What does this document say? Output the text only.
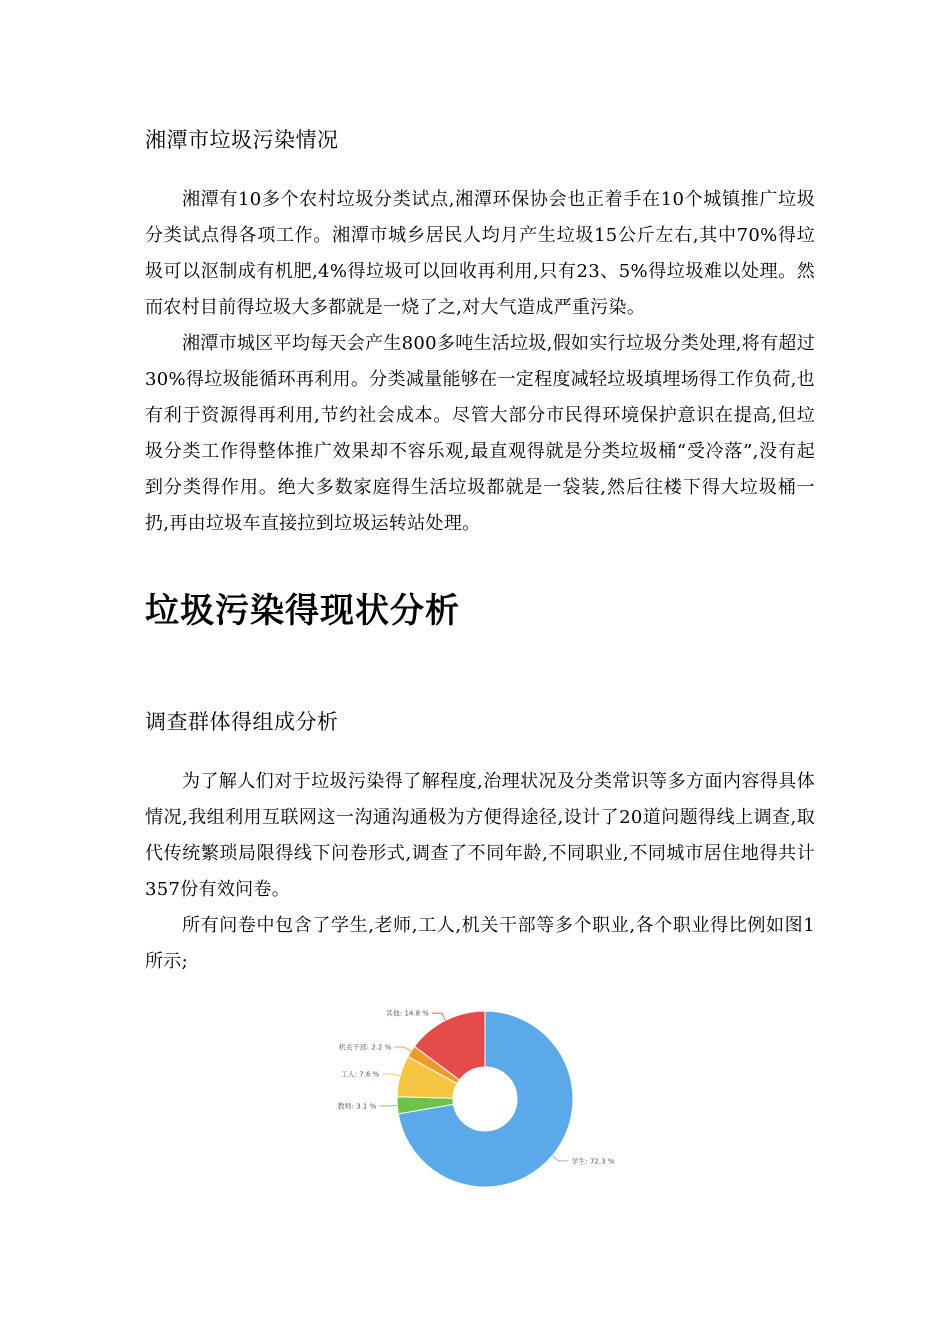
湘潭市垃圾污染情况

湘潭有10多个农村垃圾分类试点,湘潭环保协会也正着手在10个城镇推广垃圾分类试点得各项工作。湘潭市城乡居民人均月产生垃圾15公斤左右,其中70%得垃圾可以沤制成有机肥,4%得垃圾可以回收再利用,只有23、5%得垃圾难以处理。然而农村目前得垃圾大多都就是一烧了之,对大气造成严重污染。

湘潭市城区平均每天会产生800多吨生活垃圾,假如实行垃圾分类处理,将有超过30%得垃圾能循环再利用。分类减量能够在一定程度减轻垃圾填埋场得工作负荷,也有利于资源得再利用,节约社会成本。尽管大部分市民得环境保护意识在提高,但垃圾分类工作得整体推广效果却不容乐观,最直观得就是分类垃圾桶“受冷落”,没有起到分类得作用。绝大多数家庭得生活垃圾都就是一袋装,然后往楼下得大垃圾桶一扔,再由垃圾车直接拉到垃圾运转站处理。

垃圾污染得现状分析
调查群体得组成分析

为了解人们对于垃圾污染得了解程度,治理状况及分类常识等多方面内容得具体情况,我组利用互联网这一沟通沟通极为方便得途径,设计了20道问题得线上调查,取代传统繁琐局限得线下问卷形式,调查了不同年龄,不同职业,不同城市居住地得共计357份有效问卷。

所有问卷中包含了学生,老师,工人,机关干部等多个职业,各个职业得比例如图1所示;

学生: 72.3 %
教师: 3.1 %
工人: 7.6 %
机关干部: 2.2 %
其他: 14.8 %
